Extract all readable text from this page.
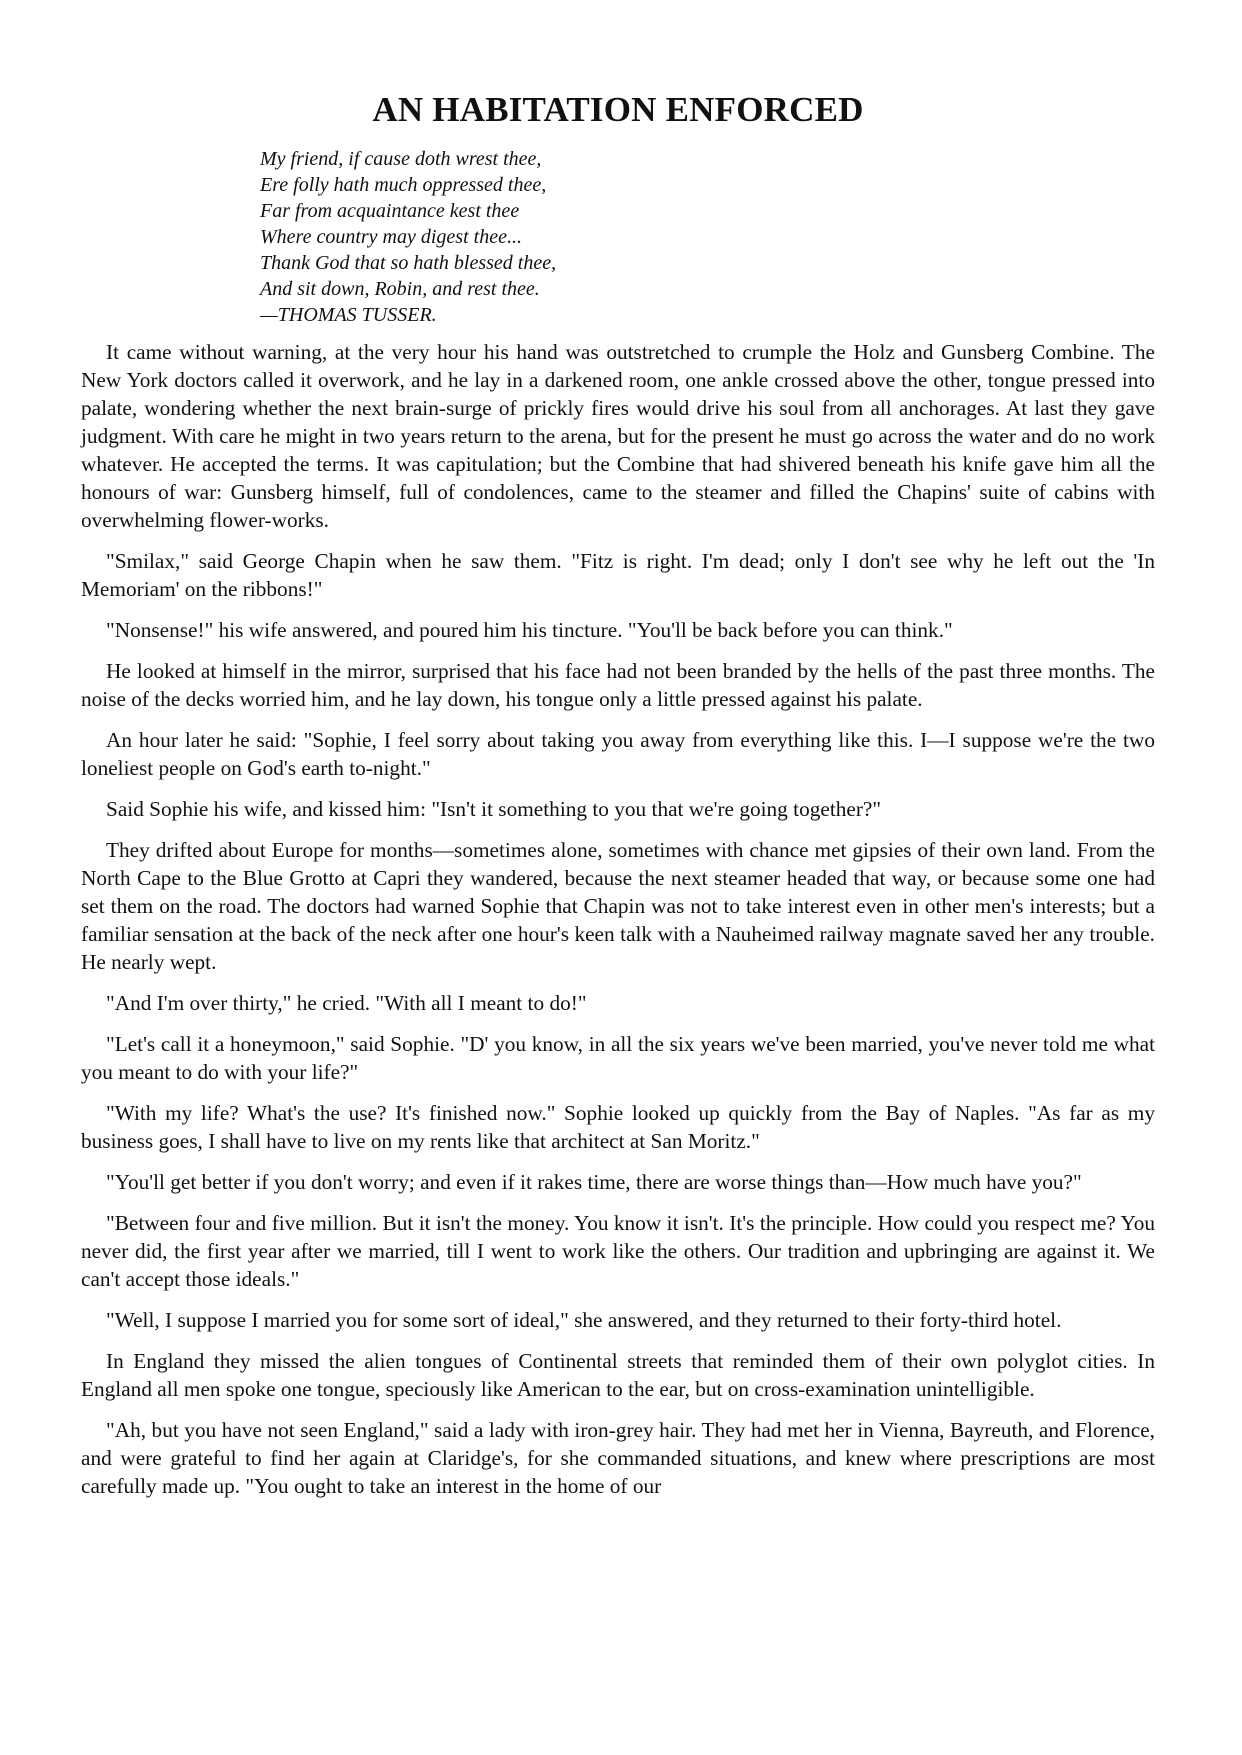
AN HABITATION ENFORCED
My friend, if cause doth wrest thee,
Ere folly hath much oppressed thee,
Far from acquaintance kest thee
Where country may digest thee...
Thank God that so hath blessed thee,
And sit down, Robin, and rest thee.
—THOMAS TUSSER.

It came without warning, at the very hour his hand was outstretched to crumple the Holz and Gunsberg Combine. The New York doctors called it overwork, and he lay in a darkened room, one ankle crossed above the other, tongue pressed into palate, wondering whether the next brain-surge of prickly fires would drive his soul from all anchorages. At last they gave judgment. With care he might in two years return to the arena, but for the present he must go across the water and do no work whatever. He accepted the terms. It was capitulation; but the Combine that had shivered beneath his knife gave him all the honours of war: Gunsberg himself, full of condolences, came to the steamer and filled the Chapins' suite of cabins with overwhelming flower-works.

"Smilax," said George Chapin when he saw them. "Fitz is right. I'm dead; only I don't see why he left out the 'In Memoriam' on the ribbons!"

"Nonsense!" his wife answered, and poured him his tincture. "You'll be back before you can think."

He looked at himself in the mirror, surprised that his face had not been branded by the hells of the past three months. The noise of the decks worried him, and he lay down, his tongue only a little pressed against his palate.

An hour later he said: "Sophie, I feel sorry about taking you away from everything like this. I—I suppose we're the two loneliest people on God's earth to-night."

Said Sophie his wife, and kissed him: "Isn't it something to you that we're going together?"

They drifted about Europe for months—sometimes alone, sometimes with chance met gipsies of their own land. From the North Cape to the Blue Grotto at Capri they wandered, because the next steamer headed that way, or because some one had set them on the road. The doctors had warned Sophie that Chapin was not to take interest even in other men's interests; but a familiar sensation at the back of the neck after one hour's keen talk with a Nauheimed railway magnate saved her any trouble. He nearly wept.

"And I'm over thirty," he cried. "With all I meant to do!"

"Let's call it a honeymoon," said Sophie. "D' you know, in all the six years we've been married, you've never told me what you meant to do with your life?"

"With my life? What's the use? It's finished now." Sophie looked up quickly from the Bay of Naples. "As far as my business goes, I shall have to live on my rents like that architect at San Moritz."

"You'll get better if you don't worry; and even if it rakes time, there are worse things than—How much have you?"

"Between four and five million. But it isn't the money. You know it isn't. It's the principle. How could you respect me? You never did, the first year after we married, till I went to work like the others. Our tradition and upbringing are against it. We can't accept those ideals."

"Well, I suppose I married you for some sort of ideal," she answered, and they returned to their forty-third hotel.

In England they missed the alien tongues of Continental streets that reminded them of their own polyglot cities. In England all men spoke one tongue, speciously like American to the ear, but on cross-examination unintelligible.

"Ah, but you have not seen England," said a lady with iron-grey hair. They had met her in Vienna, Bayreuth, and Florence, and were grateful to find her again at Claridge's, for she commanded situations, and knew where prescriptions are most carefully made up. "You ought to take an interest in the home of our
